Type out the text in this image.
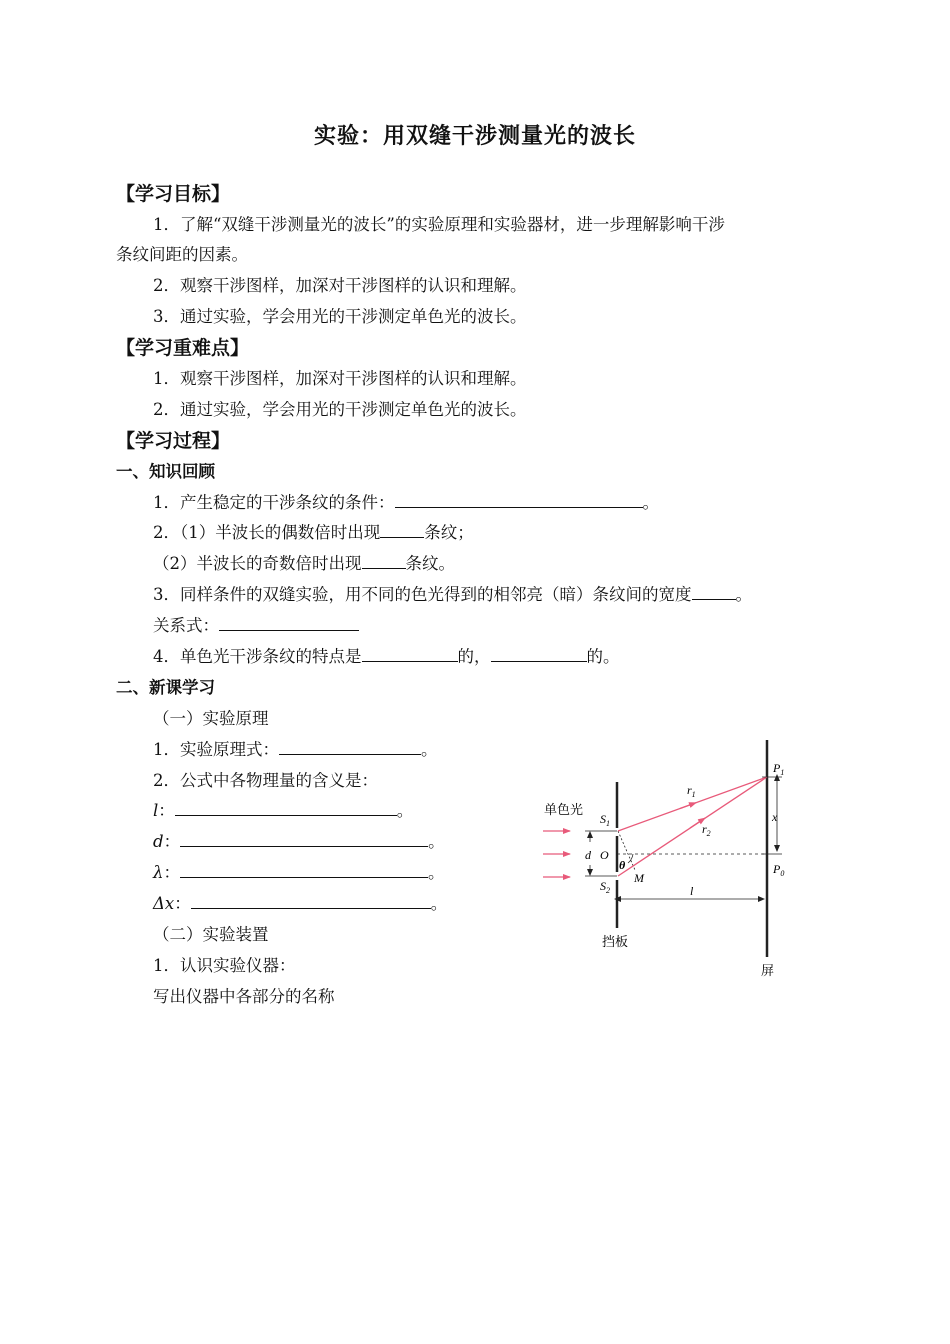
实验：用双缝干涉测量光的波长
【学习目标】
1．了解“双缝干涉测量光的波长”的实验原理和实验器材，进一步理解影响干涉
条纹间距的因素。
2．观察干涉图样，加深对干涉图样的认识和理解。
3．通过实验，学会用光的干涉测定单色光的波长。
【学习重难点】
1．观察干涉图样，加深对干涉图样的认识和理解。
2．通过实验，学会用光的干涉测定单色光的波长。
【学习过程】
一、知识回顾
1．产生稳定的干涉条纹的条件：	。
2．（1）半波长的偶数倍时出现	条纹；
（2）半波长的奇数倍时出现	条纹。
3．同样条件的双缝实验，用不同的色光得到的相邻亮（暗）条纹间的宽度	。
关系式：
4．单色光干涉条纹的特点是	的，	的。
二、新课学习
（一）实验原理
1．实验原理式：	。
2．公式中各物理量的含义是：
l：	。
d：	。
λ：	。
Δx：	。
（二）实验装置
1．认识实验仪器：
写出仪器中各部分的名称
单色光
$S_1$
$S_2$
d O
θ
M
$r_1$
$r_2$
$P_1$
$P_0$
x
l
挡板
屏
